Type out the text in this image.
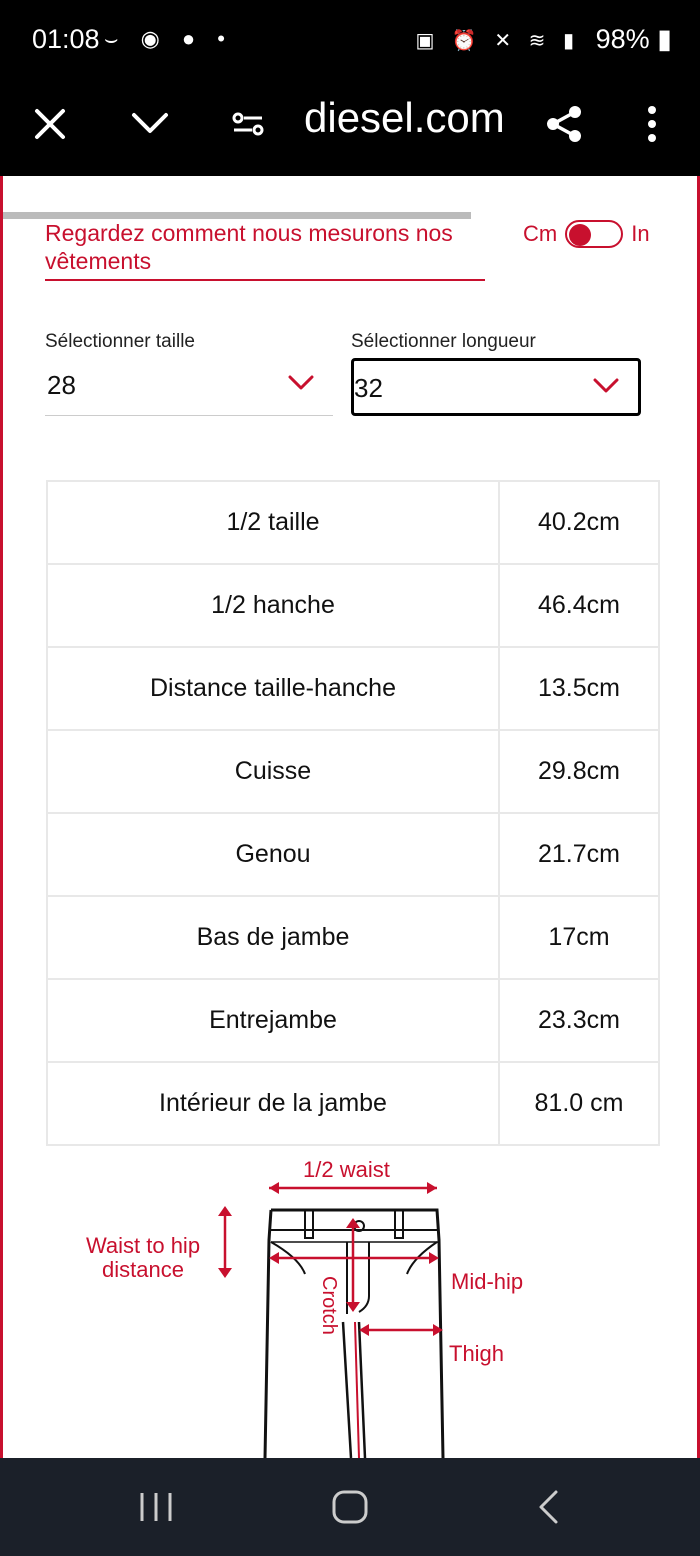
01:08 ⌣ ◉ ● •	▣ ⏰ ✕ ≋ ▮ 98% ▮
diesel.com
Regardez comment nous mesurons nos vêtements
Cm	In
Sélectionner taille
28
Sélectionner longueur
32
1/2 taille	40.2cm
1/2 hanche	46.4cm
Distance taille-hanche	13.5cm
Cuisse	29.8cm
Genou	21.7cm
Bas de jambe	17cm
Entrejambe	23.3cm
Intérieur de la jambe	81.0 cm
1/2 waist
Waist to hip distance
Crotch	Mid-hip
Thigh
